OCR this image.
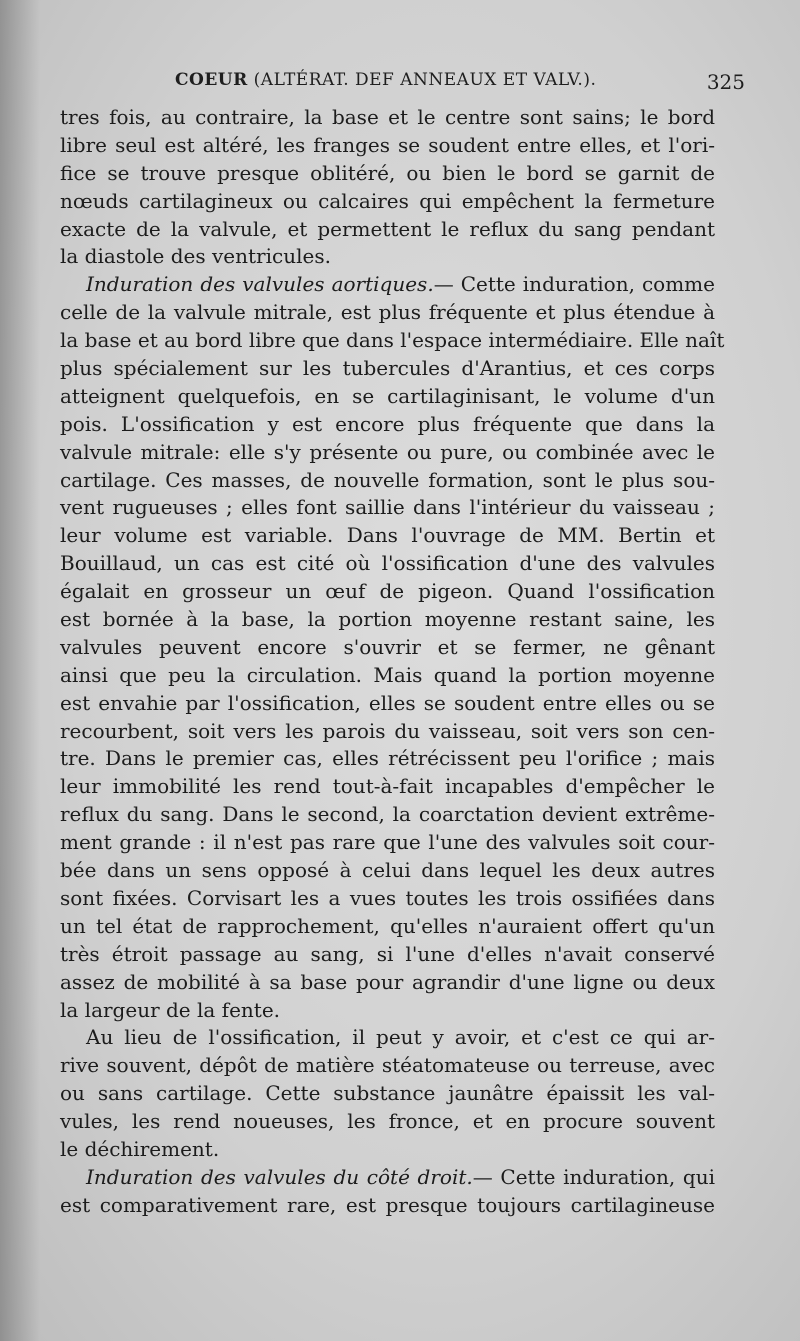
COEUR (ALTÉRAT. DEF ANNEAUX ET VALV.).	325
tres fois, au contraire, la base et le centre sont sains; le bord
libre seul est altéré, les franges se soudent entre elles, et l'ori-
fice se trouve presque oblitéré, ou bien le bord se garnit de
nœuds cartilagineux ou calcaires qui empêchent la fermeture
exacte de la valvule, et permettent le reflux du sang pendant
la diastole des ventricules.
Induration des valvules aortiques.— Cette induration, comme
celle de la valvule mitrale, est plus fréquente et plus étendue à
la base et au bord libre que dans l'espace intermédiaire. Elle naît
plus spécialement sur les tubercules d'Arantius, et ces corps
atteignent quelquefois, en se cartilaginisant, le volume d'un
pois. L'ossification y est encore plus fréquente que dans la
valvule mitrale: elle s'y présente ou pure, ou combinée avec le
cartilage. Ces masses, de nouvelle formation, sont le plus sou-
vent rugueuses ; elles font saillie dans l'intérieur du vaisseau ;
leur volume est variable. Dans l'ouvrage de MM. Bertin et
Bouillaud, un cas est cité où l'ossification d'une des valvules
égalait en grosseur un œuf de pigeon. Quand l'ossification
est bornée à la base, la portion moyenne restant saine, les
valvules peuvent encore s'ouvrir et se fermer, ne gênant
ainsi que peu la circulation. Mais quand la portion moyenne
est envahie par l'ossification, elles se soudent entre elles ou se
recourbent, soit vers les parois du vaisseau, soit vers son cen-
tre. Dans le premier cas, elles rétrécissent peu l'orifice ; mais
leur immobilité les rend tout-à-fait incapables d'empêcher le
reflux du sang. Dans le second, la coarctation devient extrême-
ment grande : il n'est pas rare que l'une des valvules soit cour-
bée dans un sens opposé à celui dans lequel les deux autres
sont fixées. Corvisart les a vues toutes les trois ossifiées dans
un tel état de rapprochement, qu'elles n'auraient offert qu'un
très étroit passage au sang, si l'une d'elles n'avait conservé
assez de mobilité à sa base pour agrandir d'une ligne ou deux
la largeur de la fente.
Au lieu de l'ossification, il peut y avoir, et c'est ce qui ar-
rive souvent, dépôt de matière stéatomateuse ou terreuse, avec
ou sans cartilage. Cette substance jaunâtre épaissit les val-
vules, les rend noueuses, les fronce, et en procure souvent
le déchirement.
Induration des valvules du côté droit.— Cette induration, qui
est comparativement rare, est presque toujours cartilagineuse
